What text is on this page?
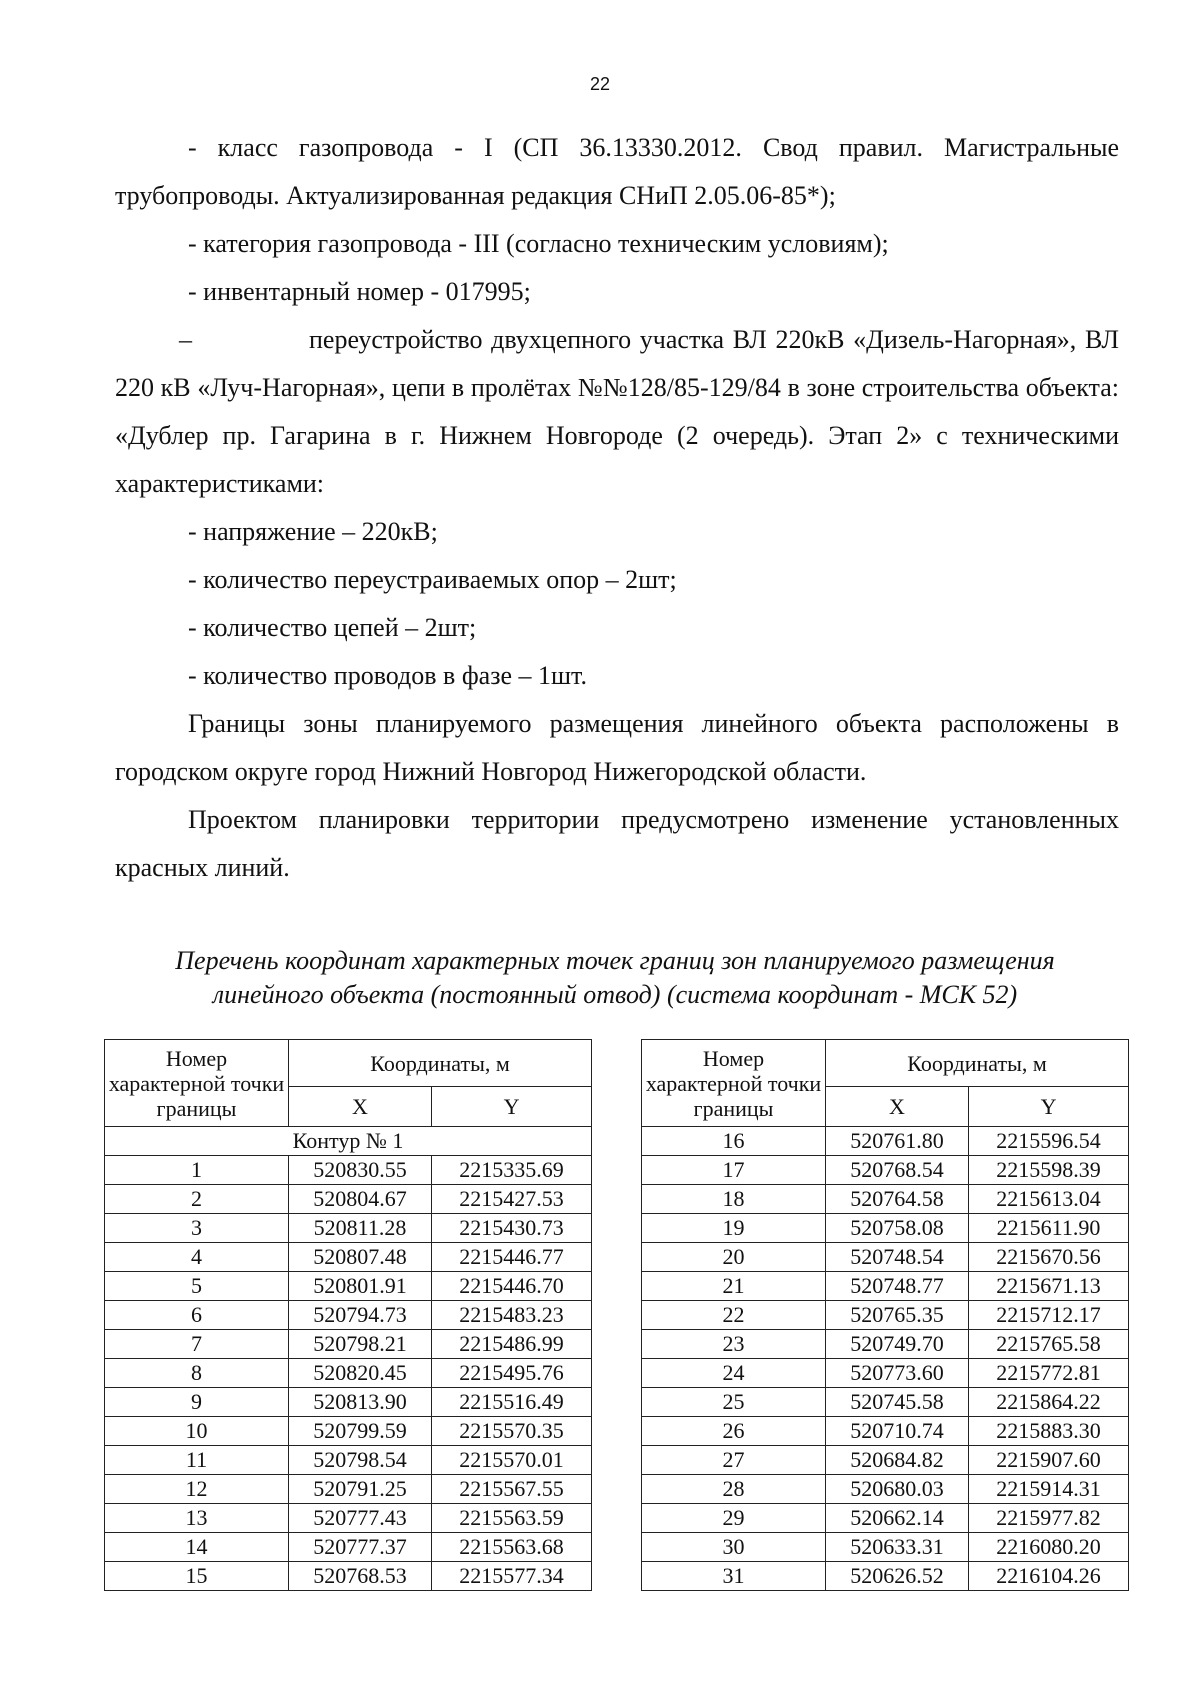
22

- класс газопровода - I (СП 36.13330.2012. Свод правил. Магистральные трубопроводы. Актуализированная редакция СНиП 2.05.06-85*);

- категория газопровода - III (согласно техническим условиям);

- инвентарный номер - 017995;

–	переустройство двухцепного участка ВЛ 220кВ «Дизель-Нагорная», ВЛ 220 кВ «Луч-Нагорная», цепи в пролётах №№128/85-129/84 в зоне строительства объекта: «Дублер пр. Гагарина в г. Нижнем Новгороде (2 очередь). Этап 2» с техническими характеристиками:

- напряжение – 220кВ;

- количество переустраиваемых опор – 2шт;

- количество цепей – 2шт;

- количество проводов в фазе – 1шт.

Границы зоны планируемого размещения линейного объекта расположены в городском округе город Нижний Новгород Нижегородской области.

Проектом планировки территории предусмотрено изменение установленных красных линий.

Перечень координат характерных точек границ зон планируемого размещения
линейного объекта (постоянный отвод) (система координат - МСК 52)
Номер характерной точки границы	Координаты, м	
	X	Y
Контур № 1		
1	520830.55	2215335.69
2	520804.67	2215427.53
3	520811.28	2215430.73
4	520807.48	2215446.77
5	520801.91	2215446.70
6	520794.73	2215483.23
7	520798.21	2215486.99
8	520820.45	2215495.76
9	520813.90	2215516.49
10	520799.59	2215570.35
11	520798.54	2215570.01
12	520791.25	2215567.55
13	520777.43	2215563.59
14	520777.37	2215563.68
15	520768.53	2215577.34
Номер характерной точки границы	Координаты, м	
	X	Y
16	520761.80	2215596.54
17	520768.54	2215598.39
18	520764.58	2215613.04
19	520758.08	2215611.90
20	520748.54	2215670.56
21	520748.77	2215671.13
22	520765.35	2215712.17
23	520749.70	2215765.58
24	520773.60	2215772.81
25	520745.58	2215864.22
26	520710.74	2215883.30
27	520684.82	2215907.60
28	520680.03	2215914.31
29	520662.14	2215977.82
30	520633.31	2216080.20
31	520626.52	2216104.26
